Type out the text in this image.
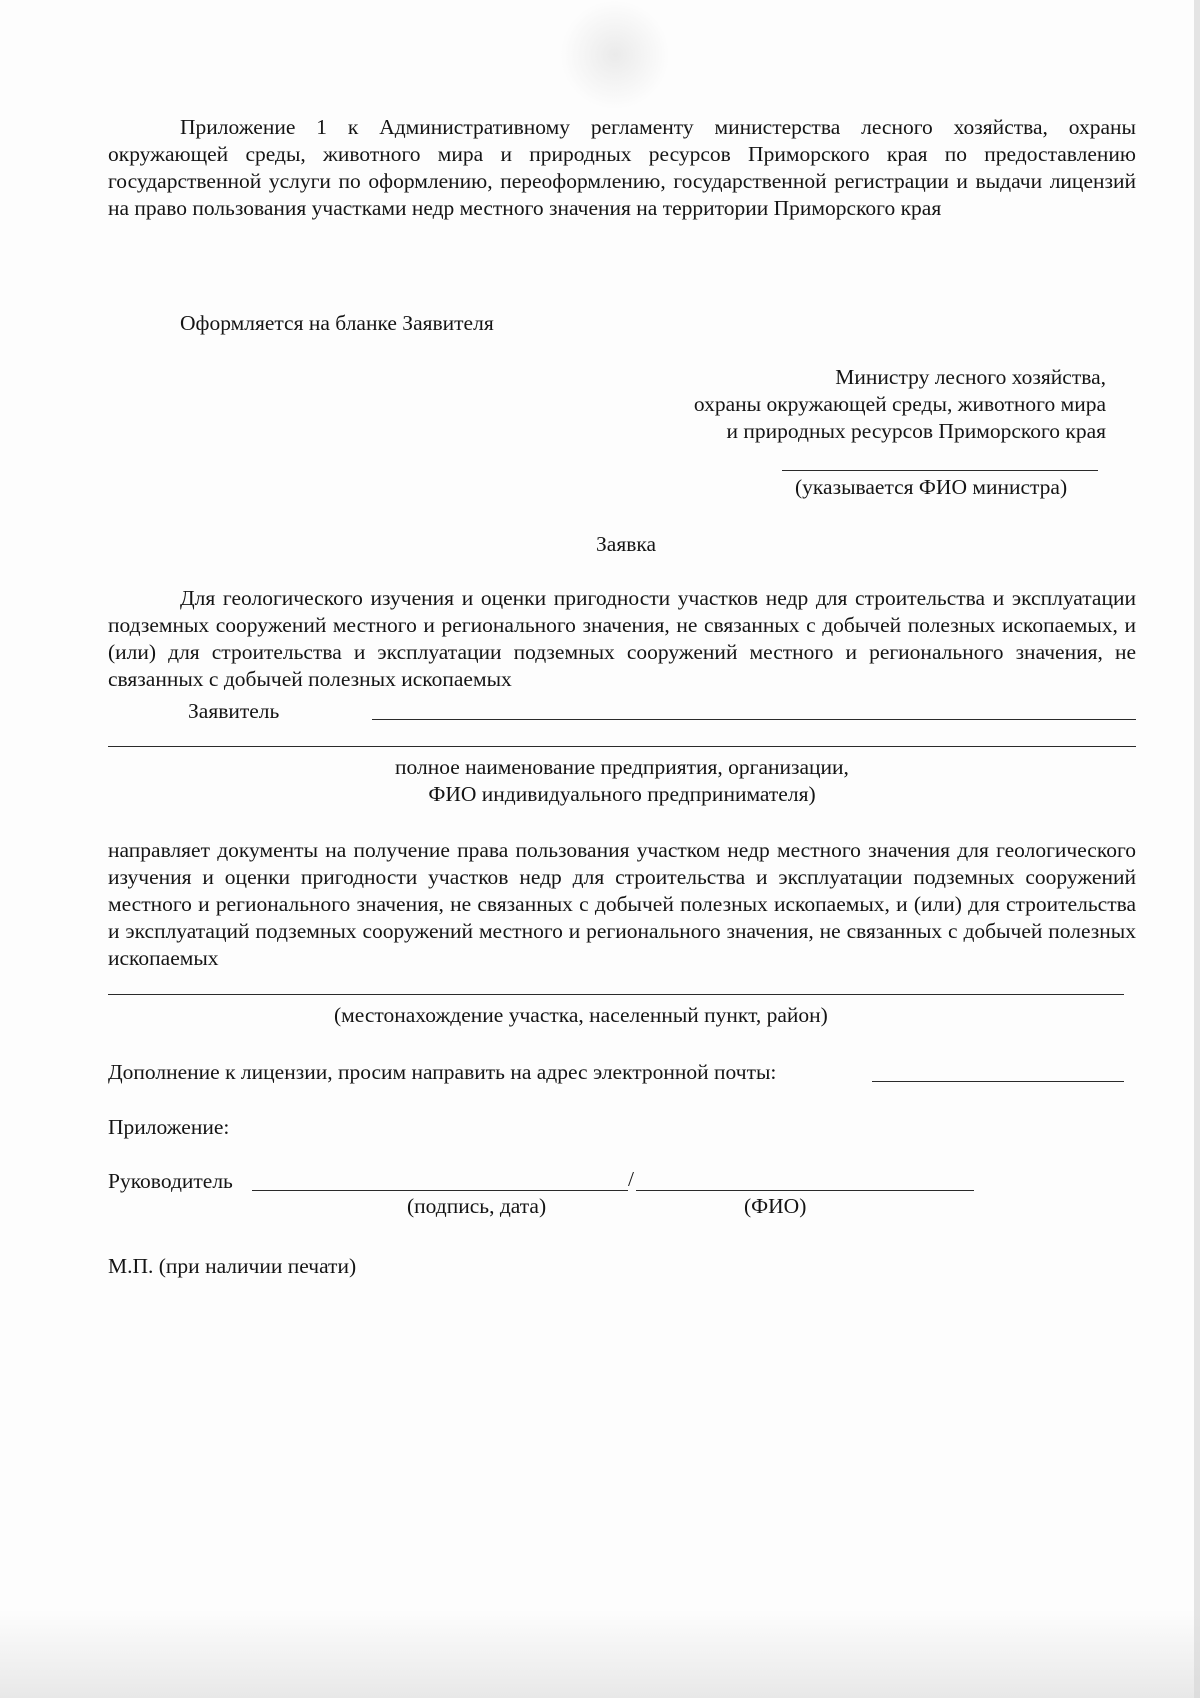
Приложение 1 к Административному регламенту министерства лесного хозяйства, охраны окружающей среды, животного мира и природных ресурсов Приморского края по предоставлению государственной услуги по оформлению, переоформлению, государственной регистрации и выдачи лицензий на право пользования участками недр местного значения на территории Приморского края
Оформляется на бланке Заявителя
Министру лесного хозяйства,
охраны окружающей среды, животного мира
и природных ресурсов Приморского края
(указывается ФИО министра)
Заявка
Для геологического изучения и оценки пригодности участков недр для строительства и эксплуатации подземных сооружений местного и регионального значения, не связанных с добычей полезных ископаемых, и (или) для строительства и эксплуатации подземных сооружений местного и регионального значения, не связанных с добычей полезных ископаемых
Заявитель
полное наименование предприятия, организации,
ФИО индивидуального предпринимателя)
направляет документы на получение права пользования участком недр местного значения для геологического изучения и оценки пригодности участков недр для строительства и эксплуатации подземных сооружений местного и регионального значения, не связанных с добычей полезных ископаемых, и (или) для строительства и эксплуатаций подземных сооружений местного и регионального значения, не связанных с добычей полезных ископаемых
(местонахождение участка, населенный пункт, район)
Дополнение к лицензии, просим направить на адрес электронной почты:
Приложение:
Руководитель	/
(подпись, дата)	(ФИО)
М.П. (при наличии печати)
